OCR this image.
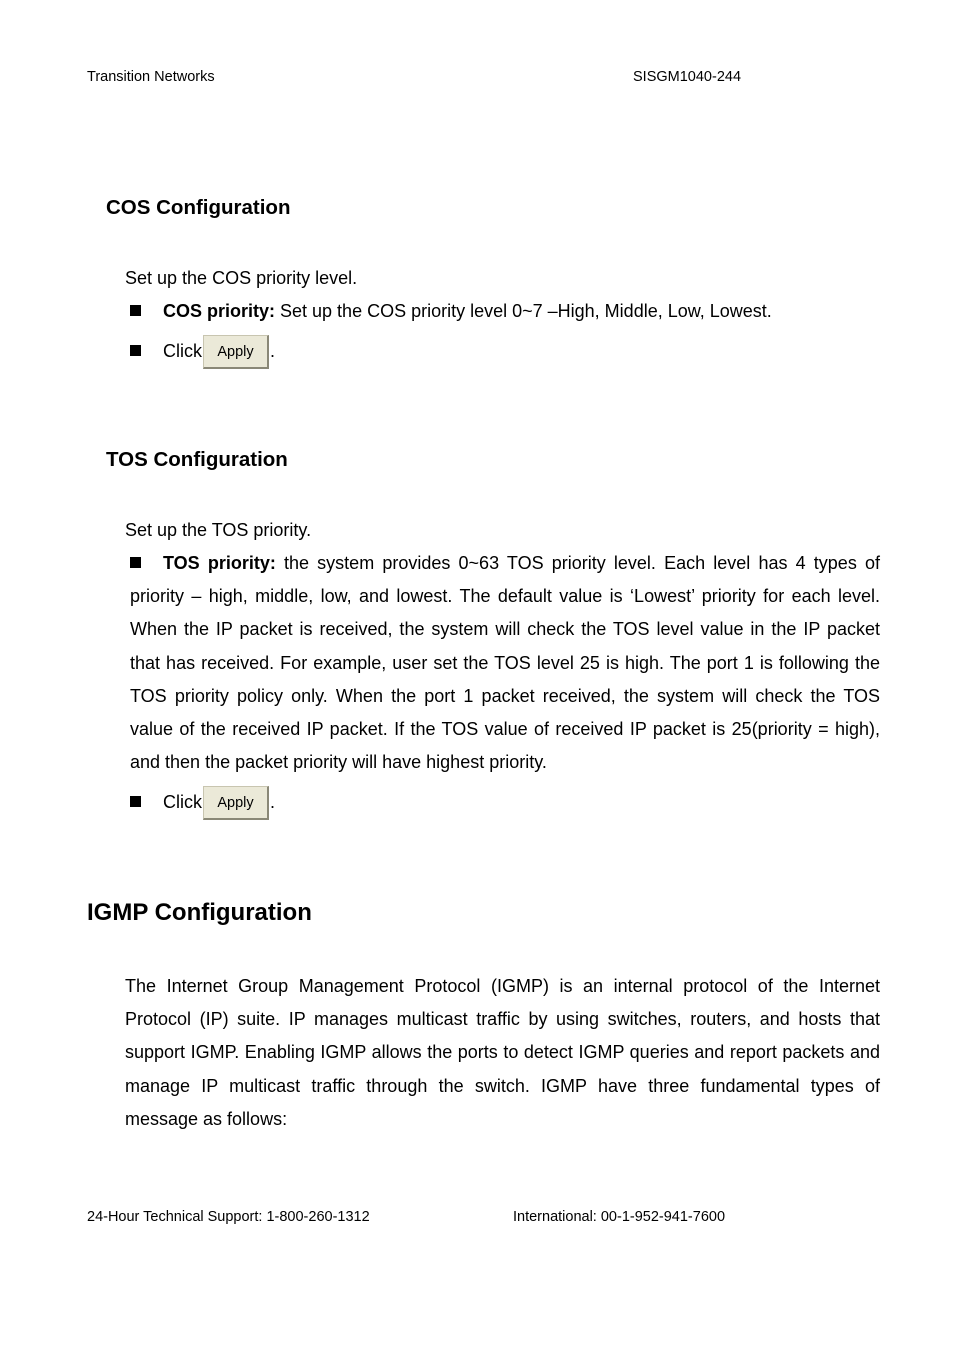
Transition Networks	SISGM1040-244
COS Configuration
Set up the COS priority level.
COS priority: Set up the COS priority level 0~7 –High, Middle, Low, Lowest.
Click Apply .
TOS Configuration
Set up the TOS priority.
TOS priority: the system provides 0~63 TOS priority level. Each level has 4 types of priority – high, middle, low, and lowest. The default value is ‘Lowest’ priority for each level. When the IP packet is received, the system will check the TOS level value in the IP packet that has received. For example, user set the TOS level 25 is high. The port 1 is following the TOS priority policy only. When the port 1 packet received, the system will check the TOS value of the received IP packet. If the TOS value of received IP packet is 25(priority = high), and then the packet priority will have highest priority.
Click Apply .
IGMP Configuration
The Internet Group Management Protocol (IGMP) is an internal protocol of the Internet Protocol (IP) suite. IP manages multicast traffic by using switches, routers, and hosts that support IGMP. Enabling IGMP allows the ports to detect IGMP queries and report packets and manage IP multicast traffic through the switch. IGMP have three fundamental types of message as follows:
24-Hour Technical Support: 1-800-260-1312	International: 00-1-952-941-7600
